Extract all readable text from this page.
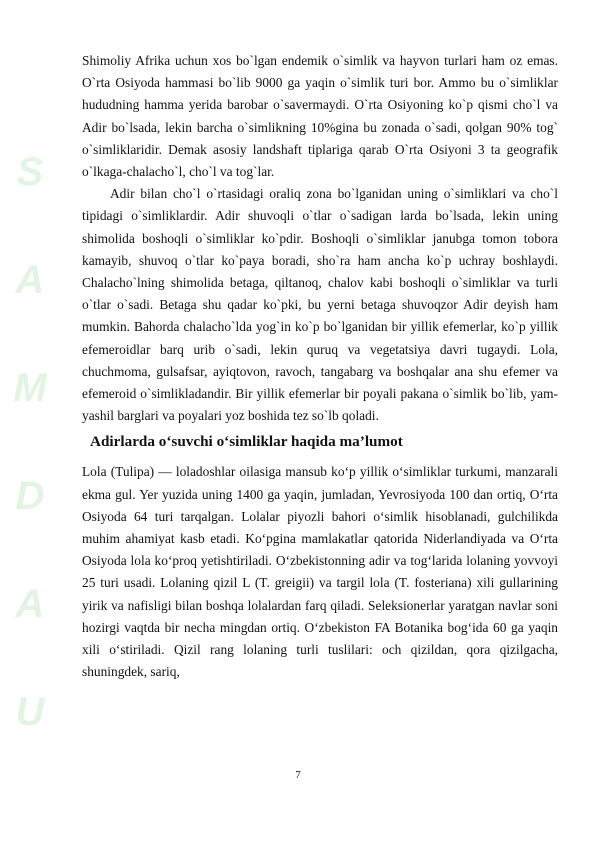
S
A
M
D
A
U

Shimoliy Afrika uchun xos bo`lgan endemik o`simlik va hayvon turlari ham oz emas. O`rta Osiyoda hammasi bo`lib 9000 ga yaqin o`simlik turi bor. Ammo bu o`simliklar hududning hamma yerida barobar o`savermaydi. O`rta Osiyoning ko`p qismi cho`l va Adir bo`lsada, lekin barcha o`simlikning 10%gina bu zonada o`sadi, qolgan 90% tog` o`simliklaridir. Demak asosiy landshaft tiplariga qarab O`rta Osiyoni 3 ta geografik o`lkaga-chalacho`l, cho`l va tog`lar.

Adir bilan cho`l o`rtasidagi oraliq zona bo`lganidan uning o`simliklari va cho`l tipidagi o`simliklardir. Adir shuvoqli o`tlar o`sadigan larda bo`lsada, lekin uning shimolida boshoqli o`simliklar ko`pdir. Boshoqli o`simliklar janubga tomon tobora kamayib, shuvoq o`tlar ko`paya boradi, sho`ra ham ancha ko`p uchray boshlaydi. Chalacho`lning shimolida betaga, qiltanoq, chalov kabi boshoqli o`simliklar va turli o`tlar o`sadi. Betaga shu qadar ko`pki, bu yerni betaga shuvoqzor Adir deyish ham mumkin. Bahorda chalacho`lda yog`in ko`p bo`lganidan bir yillik efemerlar, ko`p yillik efemeroidlar barq urib o`sadi, lekin quruq va vegetatsiya davri tugaydi. Lola, chuchmoma, gulsafsar, ayiqtovon, ravoch, tangabarg va boshqalar ana shu efemer va efemeroid o`simlikladandir. Bir yillik efemerlar bir poyali pakana o`simlik bo`lib, yam-yashil barglari va poyalari yoz boshida tez so`lb qoladi.

Adirlarda o‘suvchi o‘simliklar haqida ma’lumot

Lola (Tulipa) — loladoshlar oilasiga mansub ko‘p yillik o‘simliklar turkumi, manzarali ekma gul. Yer yuzida uning 1400 ga yaqin, jumladan, Yevrosiyoda 100 dan ortiq, O‘rta Osiyoda 64 turi tarqalgan. Lolalar piyozli bahori o‘simlik hisoblanadi, gulchilikda muhim ahamiyat kasb etadi. Ko‘pgina mamlakatlar qatorida Niderlandiyada va O‘rta Osiyoda lola ko‘proq yetishtiriladi. O‘zbekistonning adir va tog‘larida lolaning yovvoyi 25 turi usadi. Lolaning qizil L (T. greigii) va targil lola (T. fosteriana) xili gullarining yirik va nafisligi bilan boshqa lolalardan farq qiladi. Seleksionerlar yaratgan navlar soni hozirgi vaqtda bir necha mingdan ortiq. O‘zbekiston FA Botanika bog‘ida 60 ga yaqin xili o‘stiriladi. Qizil rang lolaning turli tuslilari: och qizildan, qora qizilgacha, shuningdek, sariq,

7
